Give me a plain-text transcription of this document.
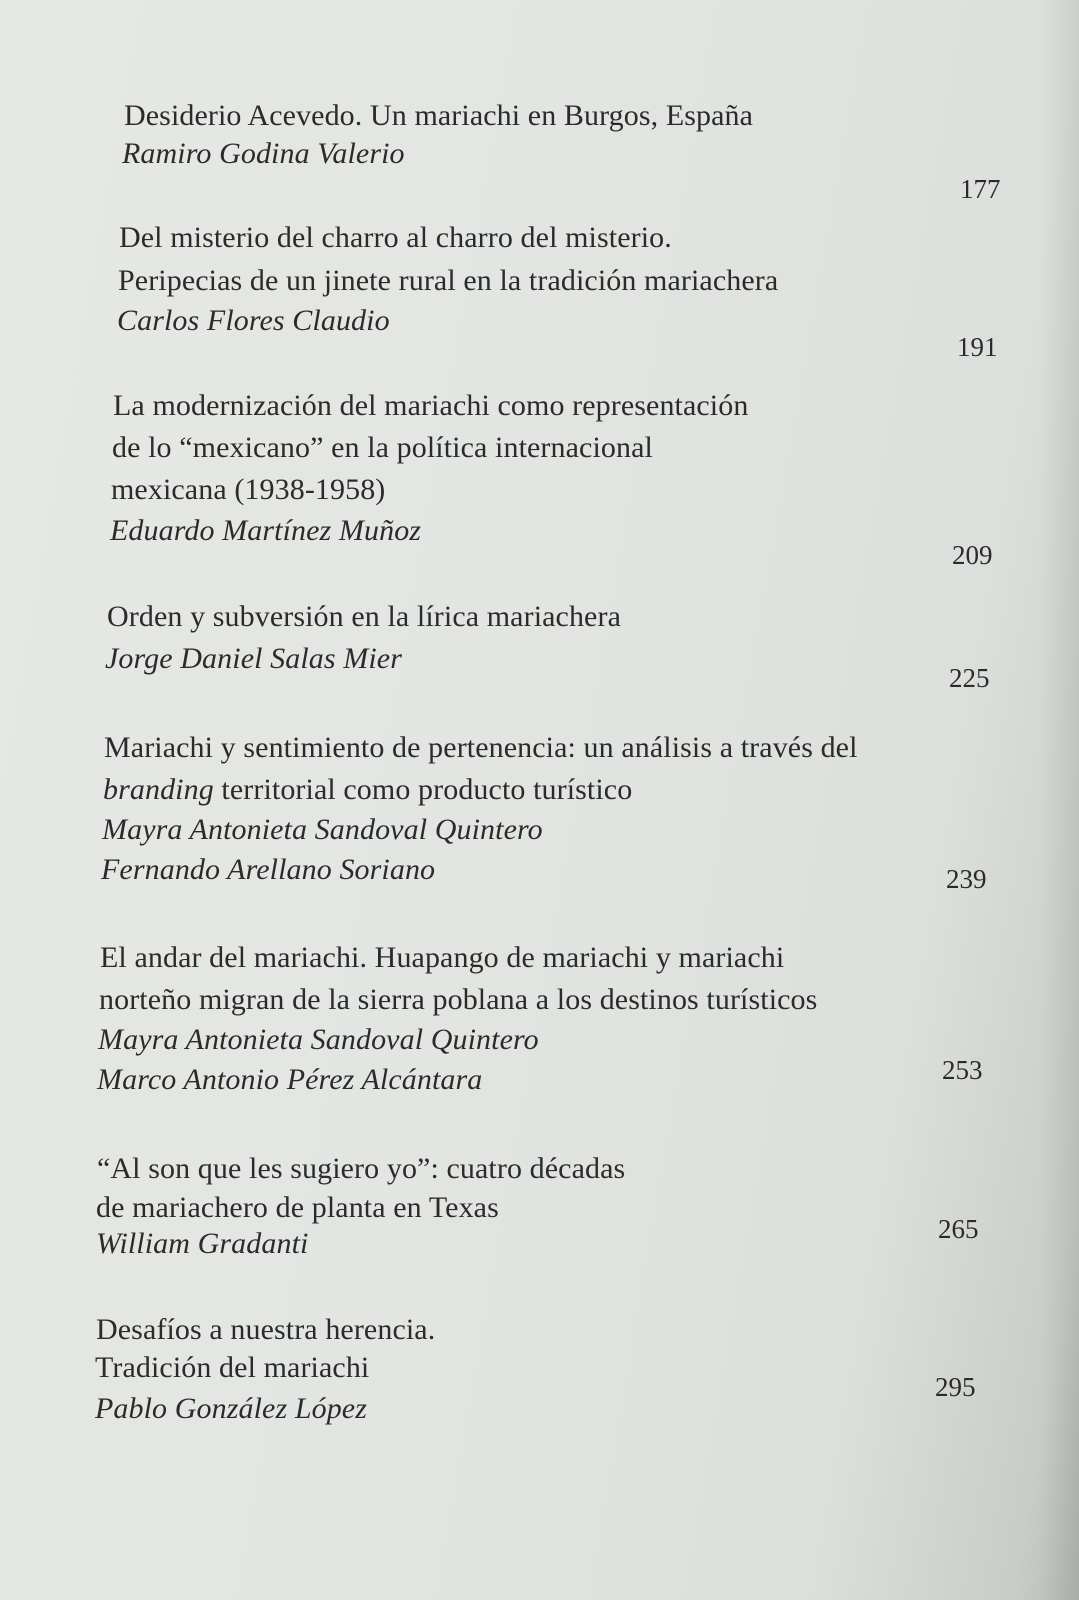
Desiderio Acevedo. Un mariachi en Burgos, España
Ramiro Godina Valerio
177
Del misterio del charro al charro del misterio.
Peripecias de un jinete rural en la tradición mariachera
Carlos Flores Claudio
191
La modernización del mariachi como representación
de lo “mexicano” en la política internacional
mexicana (1938-1958)
Eduardo Martínez Muñoz
209
Orden y subversión en la lírica mariachera
Jorge Daniel Salas Mier
225
Mariachi y sentimiento de pertenencia: un análisis a través del
branding territorial como producto turístico
Mayra Antonieta Sandoval Quintero
Fernando Arellano Soriano	239
El andar del mariachi. Huapango de mariachi y mariachi
norteño migran de la sierra poblana a los destinos turísticos
Mayra Antonieta Sandoval Quintero
Marco Antonio Pérez Alcántara	253
“Al son que les sugiero yo”: cuatro décadas
de mariachero de planta en Texas
William Gradanti	265
Desafíos a nuestra herencia.
Tradición del mariachi
Pablo González López
295
